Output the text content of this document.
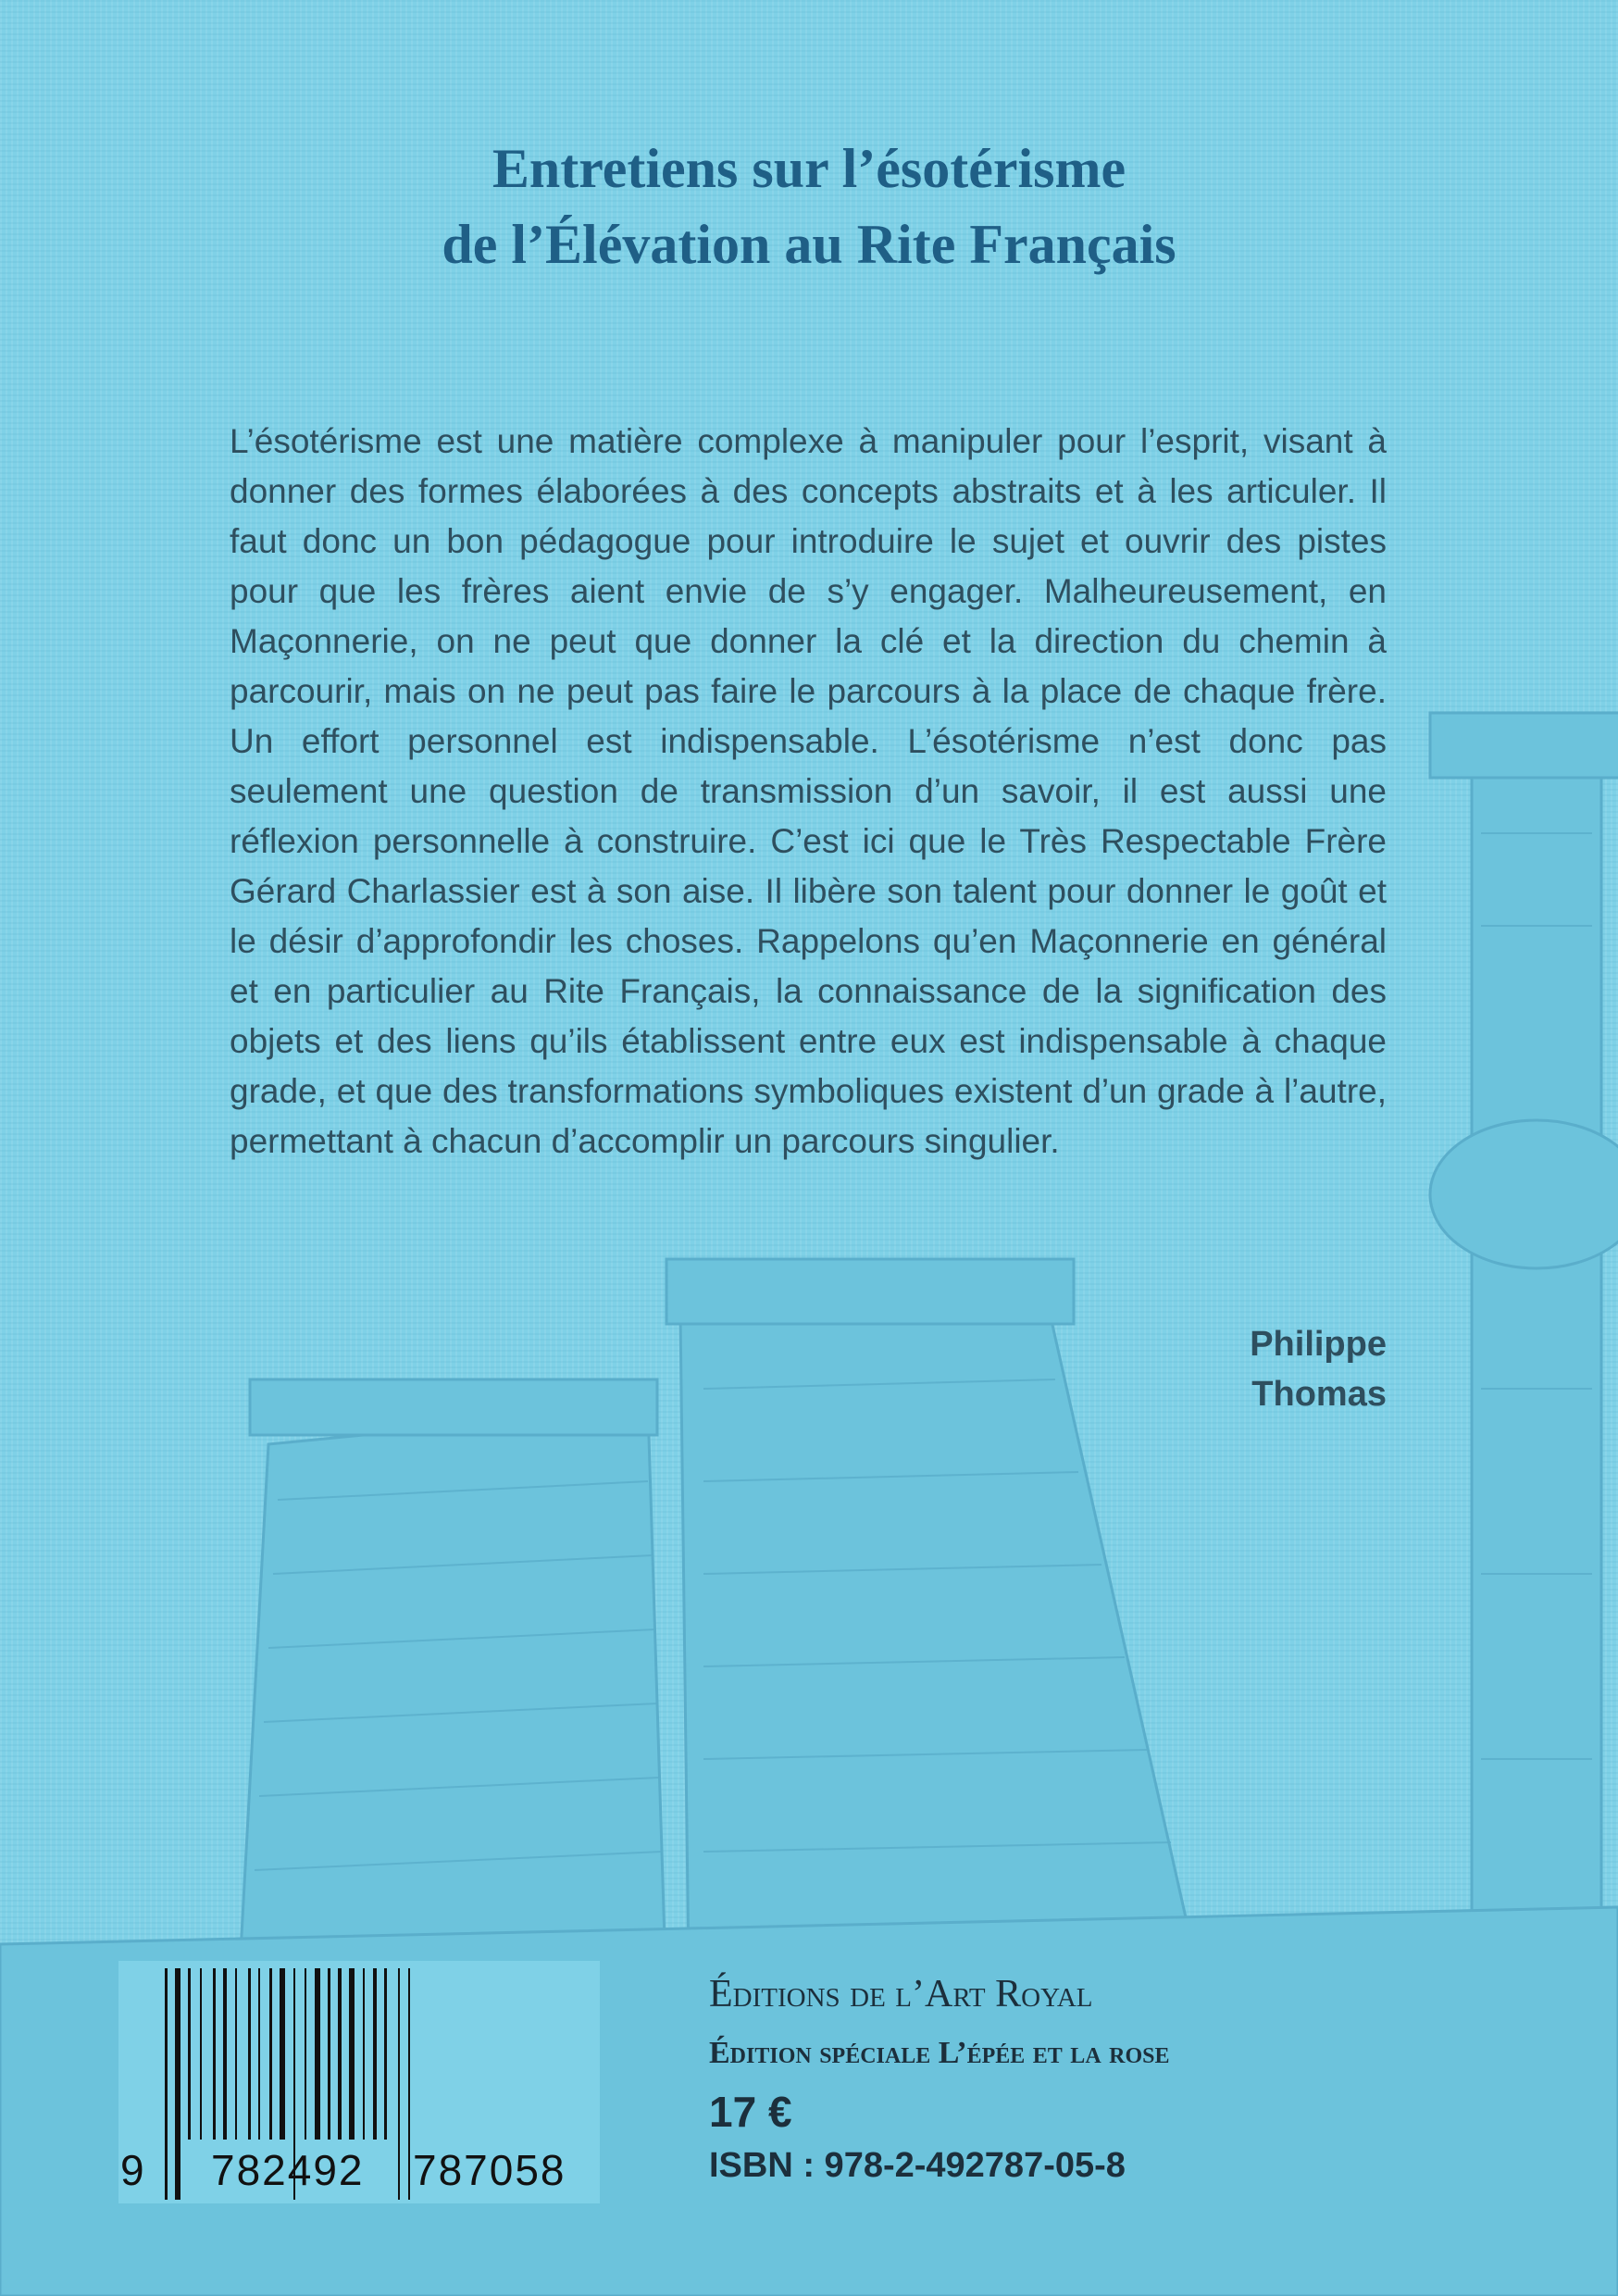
Entretiens sur l’ésotérisme
de l’Élévation au Rite Français

L’ésotérisme est une matière complexe à manipuler pour l’esprit, visant à donner des formes élaborées à des concepts abstraits et à les articuler. Il faut donc un bon pédagogue pour introduire le sujet et ouvrir des pistes pour que les frères aient envie de s’y engager. Malheureusement, en Maçonnerie, on ne peut que donner la clé et la direction du chemin à parcourir, mais on ne peut pas faire le parcours à la place de chaque frère. Un effort personnel est indispensable. L’ésotérisme n’est donc pas seulement une question de transmission d’un savoir, il est aussi une réflexion personnelle à construire. C’est ici que le Très Respectable Frère Gérard Charlassier est à son aise. Il libère son talent pour donner le goût et le désir d’approfondir les choses. Rappelons qu’en Maçonnerie en général et en particulier au Rite Français, la connaissance de la signification des objets et des liens qu’ils établissent entre eux est indispensable à chaque grade, et que des transformations symboliques existent d’un grade à l’autre, permettant à chacun d’accomplir un parcours singulier.

Philippe
Thomas
9 782492 787058
Éditions de l’Art Royal
Édition spéciale L’épée et la rose
17 €
ISBN : 978-2-492787-05-8
